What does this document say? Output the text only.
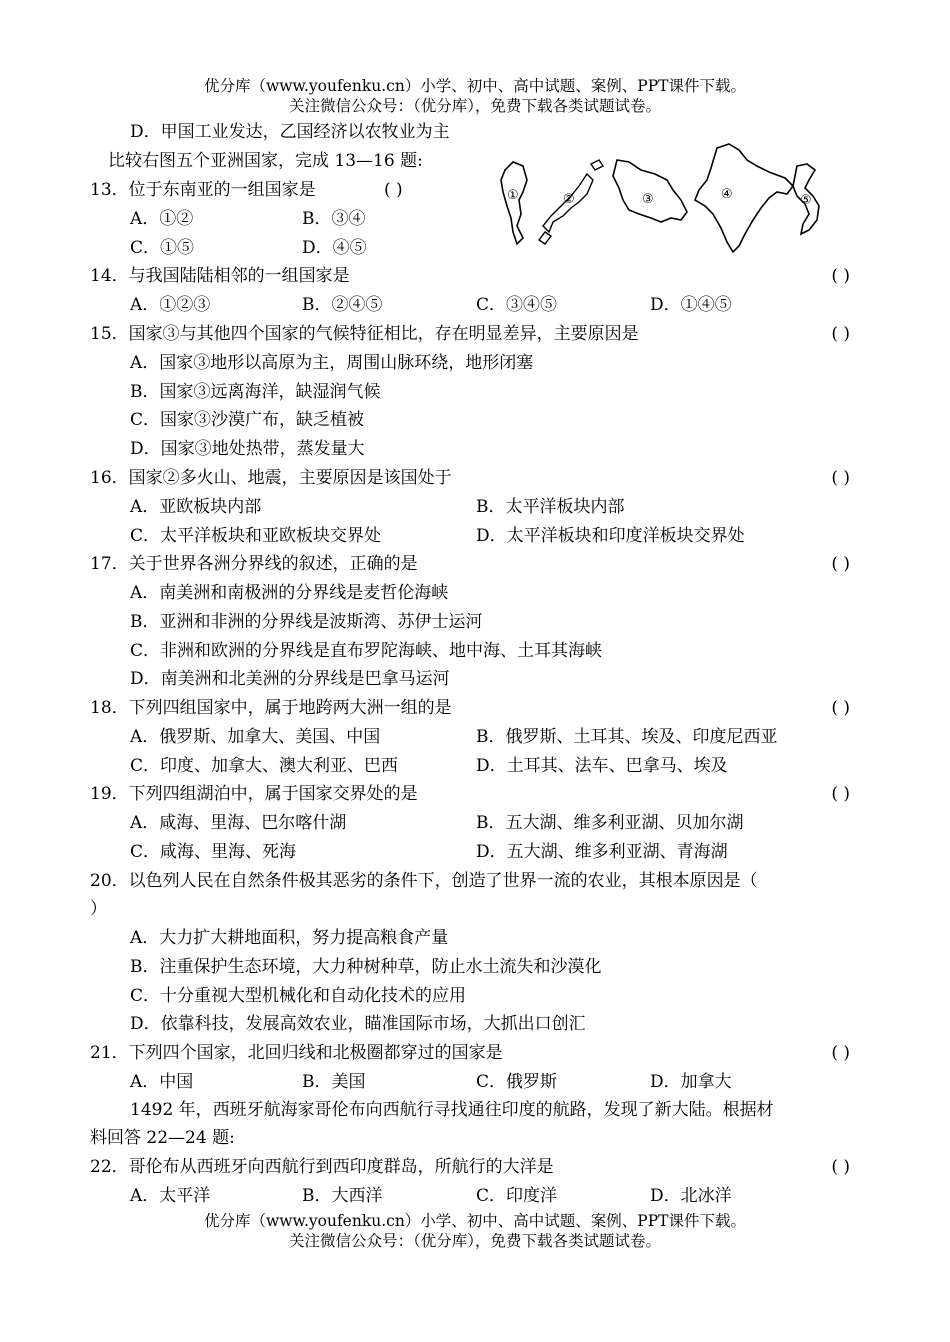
优分库（www.youfenku.cn）小学、初中、高中试题、案例、PPT课件下载。
关注微信公众号：（优分库），免费下载各类试题试卷。
D．甲国工业发达，乙国经济以农牧业为主
比较右图五个亚洲国家，完成 13—16 题:
①	②	③	④	⑤
13．位于东南亚的一组国家是	( )
A．①②	B．③④
C．①⑤	D．④⑤
14．与我国陆陆相邻的一组国家是	( )
A．①②③	B．②④⑤	C．③④⑤	D．①④⑤
15．国家③与其他四个国家的气候特征相比，存在明显差异，主要原因是	( )
A．国家③地形以高原为主，周围山脉环绕，地形闭塞
B．国家③远离海洋，缺湿润气候
C．国家③沙漠广布，缺乏植被
D．国家③地处热带，蒸发量大
16．国家②多火山、地震，主要原因是该国处于	( )
A．亚欧板块内部	B．太平洋板块内部
C．太平洋板块和亚欧板块交界处	D．太平洋板块和印度洋板块交界处
17．关于世界各洲分界线的叙述，正确的是	( )
A．南美洲和南极洲的分界线是麦哲伦海峡
B．亚洲和非洲的分界线是波斯湾、苏伊士运河
C．非洲和欧洲的分界线是直布罗陀海峡、地中海、土耳其海峡
D．南美洲和北美洲的分界线是巴拿马运河
18．下列四组国家中，属于地跨两大洲一组的是	( )
A．俄罗斯、加拿大、美国、中国	B．俄罗斯、土耳其、埃及、印度尼西亚
C．印度、加拿大、澳大利亚、巴西	D．土耳其、法车、巴拿马、埃及
19．下列四组湖泊中，属于国家交界处的是	( )
A．咸海、里海、巴尔喀什湖	B．五大湖、维多利亚湖、贝加尔湖
C．咸海、里海、死海	D．五大湖、维多利亚湖、青海湖
20．以色列人民在自然条件极其恶劣的条件下，创造了世界一流的农业，其根本原因是（
）
A．大力扩大耕地面积，努力提高粮食产量
B．注重保护生态环境，大力种树种草，防止水土流失和沙漠化
C．十分重视大型机械化和自动化技术的应用
D．依靠科技，发展高效农业，瞄准国际市场，大抓出口创汇
21．下列四个国家，北回归线和北极圈都穿过的国家是	( )
A．中国	B．美国	C．俄罗斯	D．加拿大
1492 年，西班牙航海家哥伦布向西航行寻找通往印度的航路，发现了新大陆。根据材
料回答 22—24 题:
22．哥伦布从西班牙向西航行到西印度群岛，所航行的大洋是	( )
A．太平洋	B．大西洋	C．印度洋	D．北冰洋
优分库（www.youfenku.cn）小学、初中、高中试题、案例、PPT课件下载。
关注微信公众号：（优分库），免费下载各类试题试卷。
